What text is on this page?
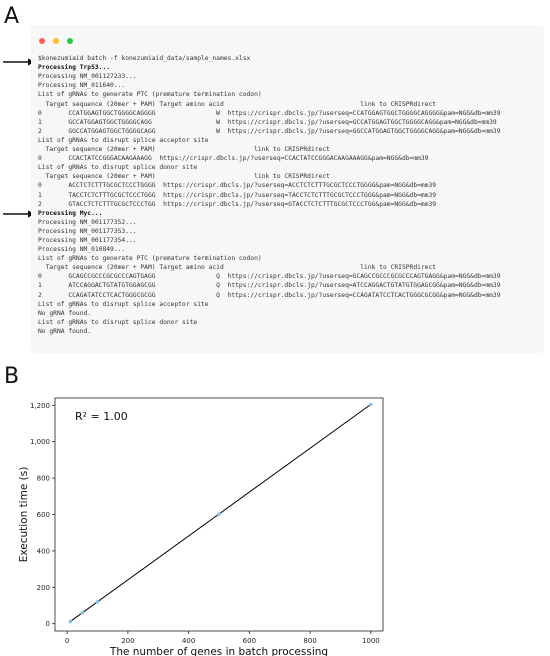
A
B

$konezumiaid batch -f konezumiaid_data/sample_names.xlsx
Processing Trp53...
Processing NM_001127233...
Processing NM_011640...
List of gRNAs to generate PTC (premature termination codon)
Target sequence (20mer + PAM) Target amino acid                                    link to CRISPRdirect
0       CCATGGAGTGGCTGGGGCAGGGG                W  https://crispr.dbcls.jp/?userseq=CCATGGAGTGGCTGGGGCAGGGG&pam=NGG&db=mm39
1       GCCATGGAGTGGCTGGGGCAGG                 W  https://crispr.dbcls.jp/?userseq=GCCATGGAGTGGCTGGGGCAGG&pam=NGG&db=mm39
2       GGCCATGGAGTGGCTGGGGCAGG                W  https://crispr.dbcls.jp/?userseq=GGCCATGGAGTGGCTGGGGCAGG&pam=NGG&db=mm39
List of gRNAs to disrupt splice acceptor site
Target sequence (20mer + PAM)                          link to CRISPRdirect
0       CCACTATCCGGGACAAGAAAGG  https://crispr.dbcls.jp/?userseq=CCACTATCCGGGACAAGAAAGG&pam=NGG&db=mm39
List of gRNAs to disrupt splice donor site
Target sequence (20mer + PAM)                          link to CRISPRdirect
0       ACCTCTCTTTGCGCTCCCTGGGG  https://crispr.dbcls.jp/?userseq=ACCTCTCTTTGCGCTCCCTGGGG&pam=NGG&db=mm39
1       TACCTCTCTTTGCGCTCCCTGGG  https://crispr.dbcls.jp/?userseq=TACCTCTCTTTGCGCTCCCTGGG&pam=NGG&db=mm39
2       GTACCTCTCTTTGCGCTCCCTGG  https://crispr.dbcls.jp/?userseq=GTACCTCTCTTTGCGCTCCCTGG&pam=NGG&db=mm39
Processing Myc...
Processing NM_001177352...
Processing NM_001177353...
Processing NM_001177354...
Processing NM_010849...
List of gRNAs to generate PTC (premature termination codon)
Target sequence (20mer + PAM) Target amino acid                                    link to CRISPRdirect
0       GCAGCCGCCCGCGCCCAGTGAGG                Q  https://crispr.dbcls.jp/?userseq=GCAGCCGCCCGCGCCCAGTGAGG&pam=NGG&db=mm39
1       ATCCAGGACTGTATGTGGAGCGG                Q  https://crispr.dbcls.jp/?userseq=ATCCAGGACTGTATGTGGAGCGG&pam=NGG&db=mm39
2       CCAGATATCCTCACTGGGCGCGG                Q  https://crispr.dbcls.jp/?userseq=CCAGATATCCTCACTGGGCGCGG&pam=NGG&db=mm39
List of gRNAs to disrupt splice acceptor site
No gRNA found.
List of gRNAs to disrupt splice donor site
No gRNA found.
0
200
400
600
800
1,000
1,200
0	200	400	600	800	1000
R² = 1.00
The number of genes in batch processing
Execution time (s)
